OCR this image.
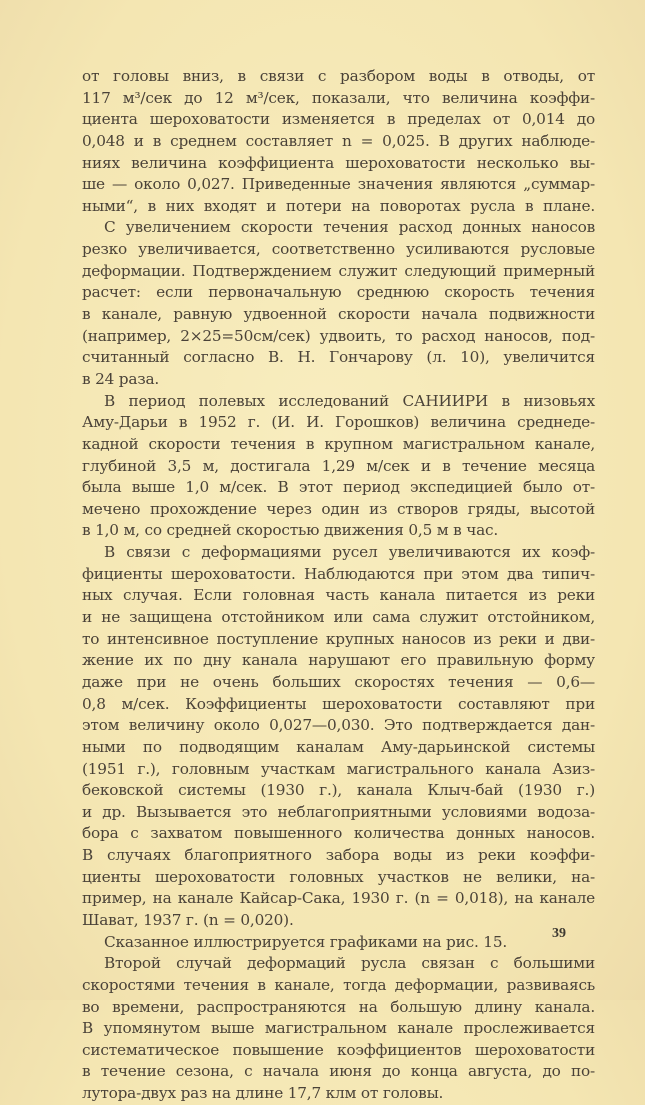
от головы вниз, в связи с разбором воды в отводы, от
117 м³/сек до 12 м³/сек, показали, что величина коэффи-
циента шероховатости изменяется в пределах от 0,014 до
0,048 и в среднем составляет n = 0,025. В других наблюде-
ниях величина коэффициента шероховатости несколько вы-
ше — около 0,027. Приведенные значения являются „суммар-
ными“, в них входят и потери на поворотах русла в плане.
С увеличением скорости течения расход донных наносов
резко увеличивается, соответственно усиливаются русловые
деформации. Подтверждением служит следующий примерный
расчет: если первоначальную среднюю скорость течения
в канале, равную удвоенной скорости начала подвижности
(например, 2×25=50см/сек) удвоить, то расход наносов, под-
считанный согласно В. Н. Гончарову (л. 10), увеличится
в 24 раза.
В период полевых исследований САНИИРИ в низовьях
Аму-Дарьи в 1952 г. (И. И. Горошков) величина среднеде-
кадной скорости течения в крупном магистральном канале,
глубиной 3,5 м, достигала 1,29 м/сек и в течение месяца
была выше 1,0 м/сек. В этот период экспедицией было от-
мечено прохождение через один из створов гряды, высотой
в 1,0 м, со средней скоростью движения 0,5 м в час.
В связи с деформациями русел увеличиваются их коэф-
фициенты шероховатости. Наблюдаются при этом два типич-
ных случая. Если головная часть канала питается из реки
и не защищена отстойником или сама служит отстойником,
то интенсивное поступление крупных наносов из реки и дви-
жение их по дну канала нарушают его правильную форму
даже при не очень больших скоростях течения — 0,6—
0,8 м/сек. Коэффициенты шероховатости составляют при
этом величину около 0,027—0,030. Это подтверждается дан-
ными по подводящим каналам Аму-дарьинской системы
(1951 г.), головным участкам магистрального канала Азиз-
бековской системы (1930 г.), канала Клыч-бай (1930 г.)
и др. Вызывается это неблагоприятными условиями водоза-
бора с захватом повышенного количества донных наносов.
В случаях благоприятного забора воды из реки коэффи-
циенты шероховатости головных участков не велики, на-
пример, на канале Кайсар-Сака, 1930 г. (n = 0,018), на канале
Шават, 1937 г. (n = 0,020).
Сказанное иллюстрируется графиками на рис. 15.
Второй случай деформаций русла связан с большими
скоростями течения в канале, тогда деформации, развиваясь
во времени, распространяются на большую длину канала.
В упомянутом выше магистральном канале прослеживается
систематическое повышение коэффициентов шероховатости
в течение сезона, с начала июня до конца августа, до по-
лутора-двух раз на длине 17,7 клм от головы.
39
